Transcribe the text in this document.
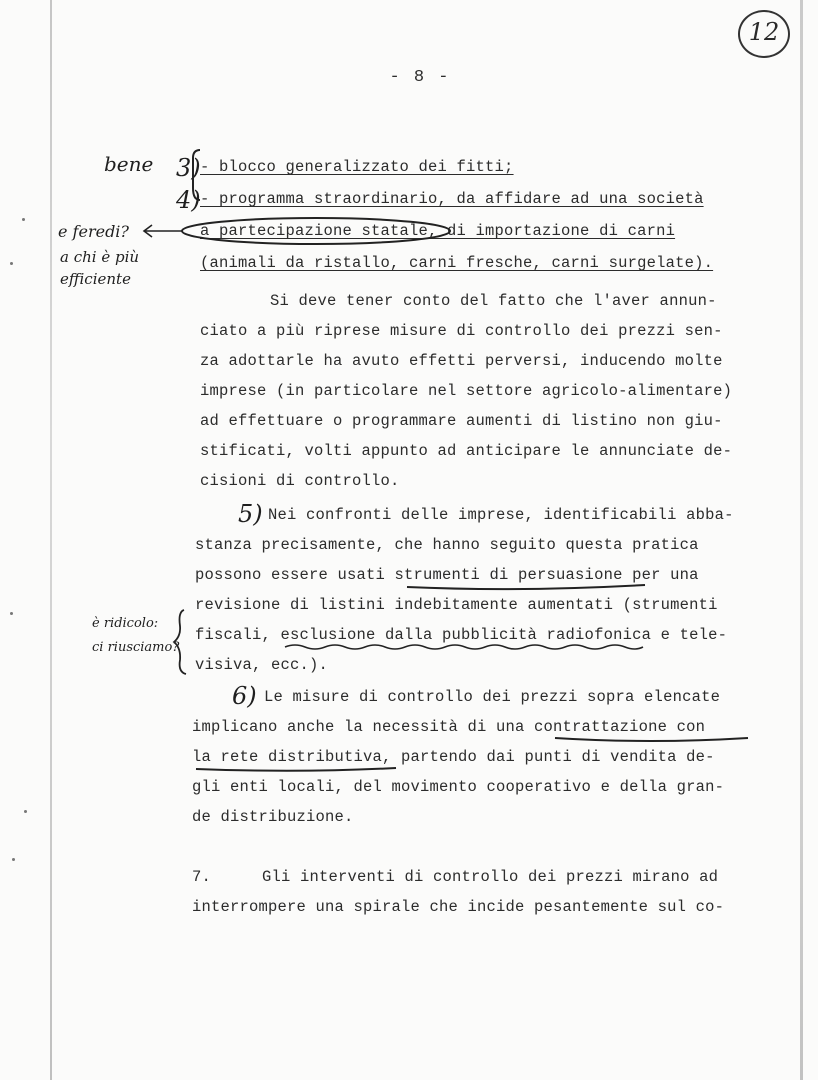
12
- 8 -
- blocco generalizzato dei fitti;
- programma straordinario, da affidare ad una società
a partecipazione statale, di importazione di carni
(animali da ristallo, carni fresche, carni surgelate).
Si deve tener conto del fatto che l'aver annun-
ciato a più riprese misure di controllo dei prezzi sen-
za adottarle ha avuto effetti perversi, inducendo molte
imprese (in particolare nel settore agricolo-alimentare)
ad effettuare o programmare aumenti di listino non giu-
stificati, volti appunto ad anticipare le annunciate de-
cisioni di controllo.
5) Nei confronti delle imprese, identificabili abba-
stanza precisamente, che hanno seguito questa pratica
possono essere usati strumenti di persuasione per una
revisione di listini indebitamente aumentati (strumenti
fiscali, esclusione dalla pubblicità radiofonica e tele-
visiva, ecc.).
6) Le misure di controllo dei prezzi sopra elencate
implicano anche la necessità di una contrattazione con
la rete distributiva, partendo dai punti di vendita de-
gli enti locali, del movimento cooperativo e della gran-
de distribuzione.
7.	Gli interventi di controllo dei prezzi mirano ad
interrompere una spirale che incide pesantemente sul co-
bene 3)
4)
e feredi?
a chi è più
efficiente
è ridicolo:
ci riusciamo?
